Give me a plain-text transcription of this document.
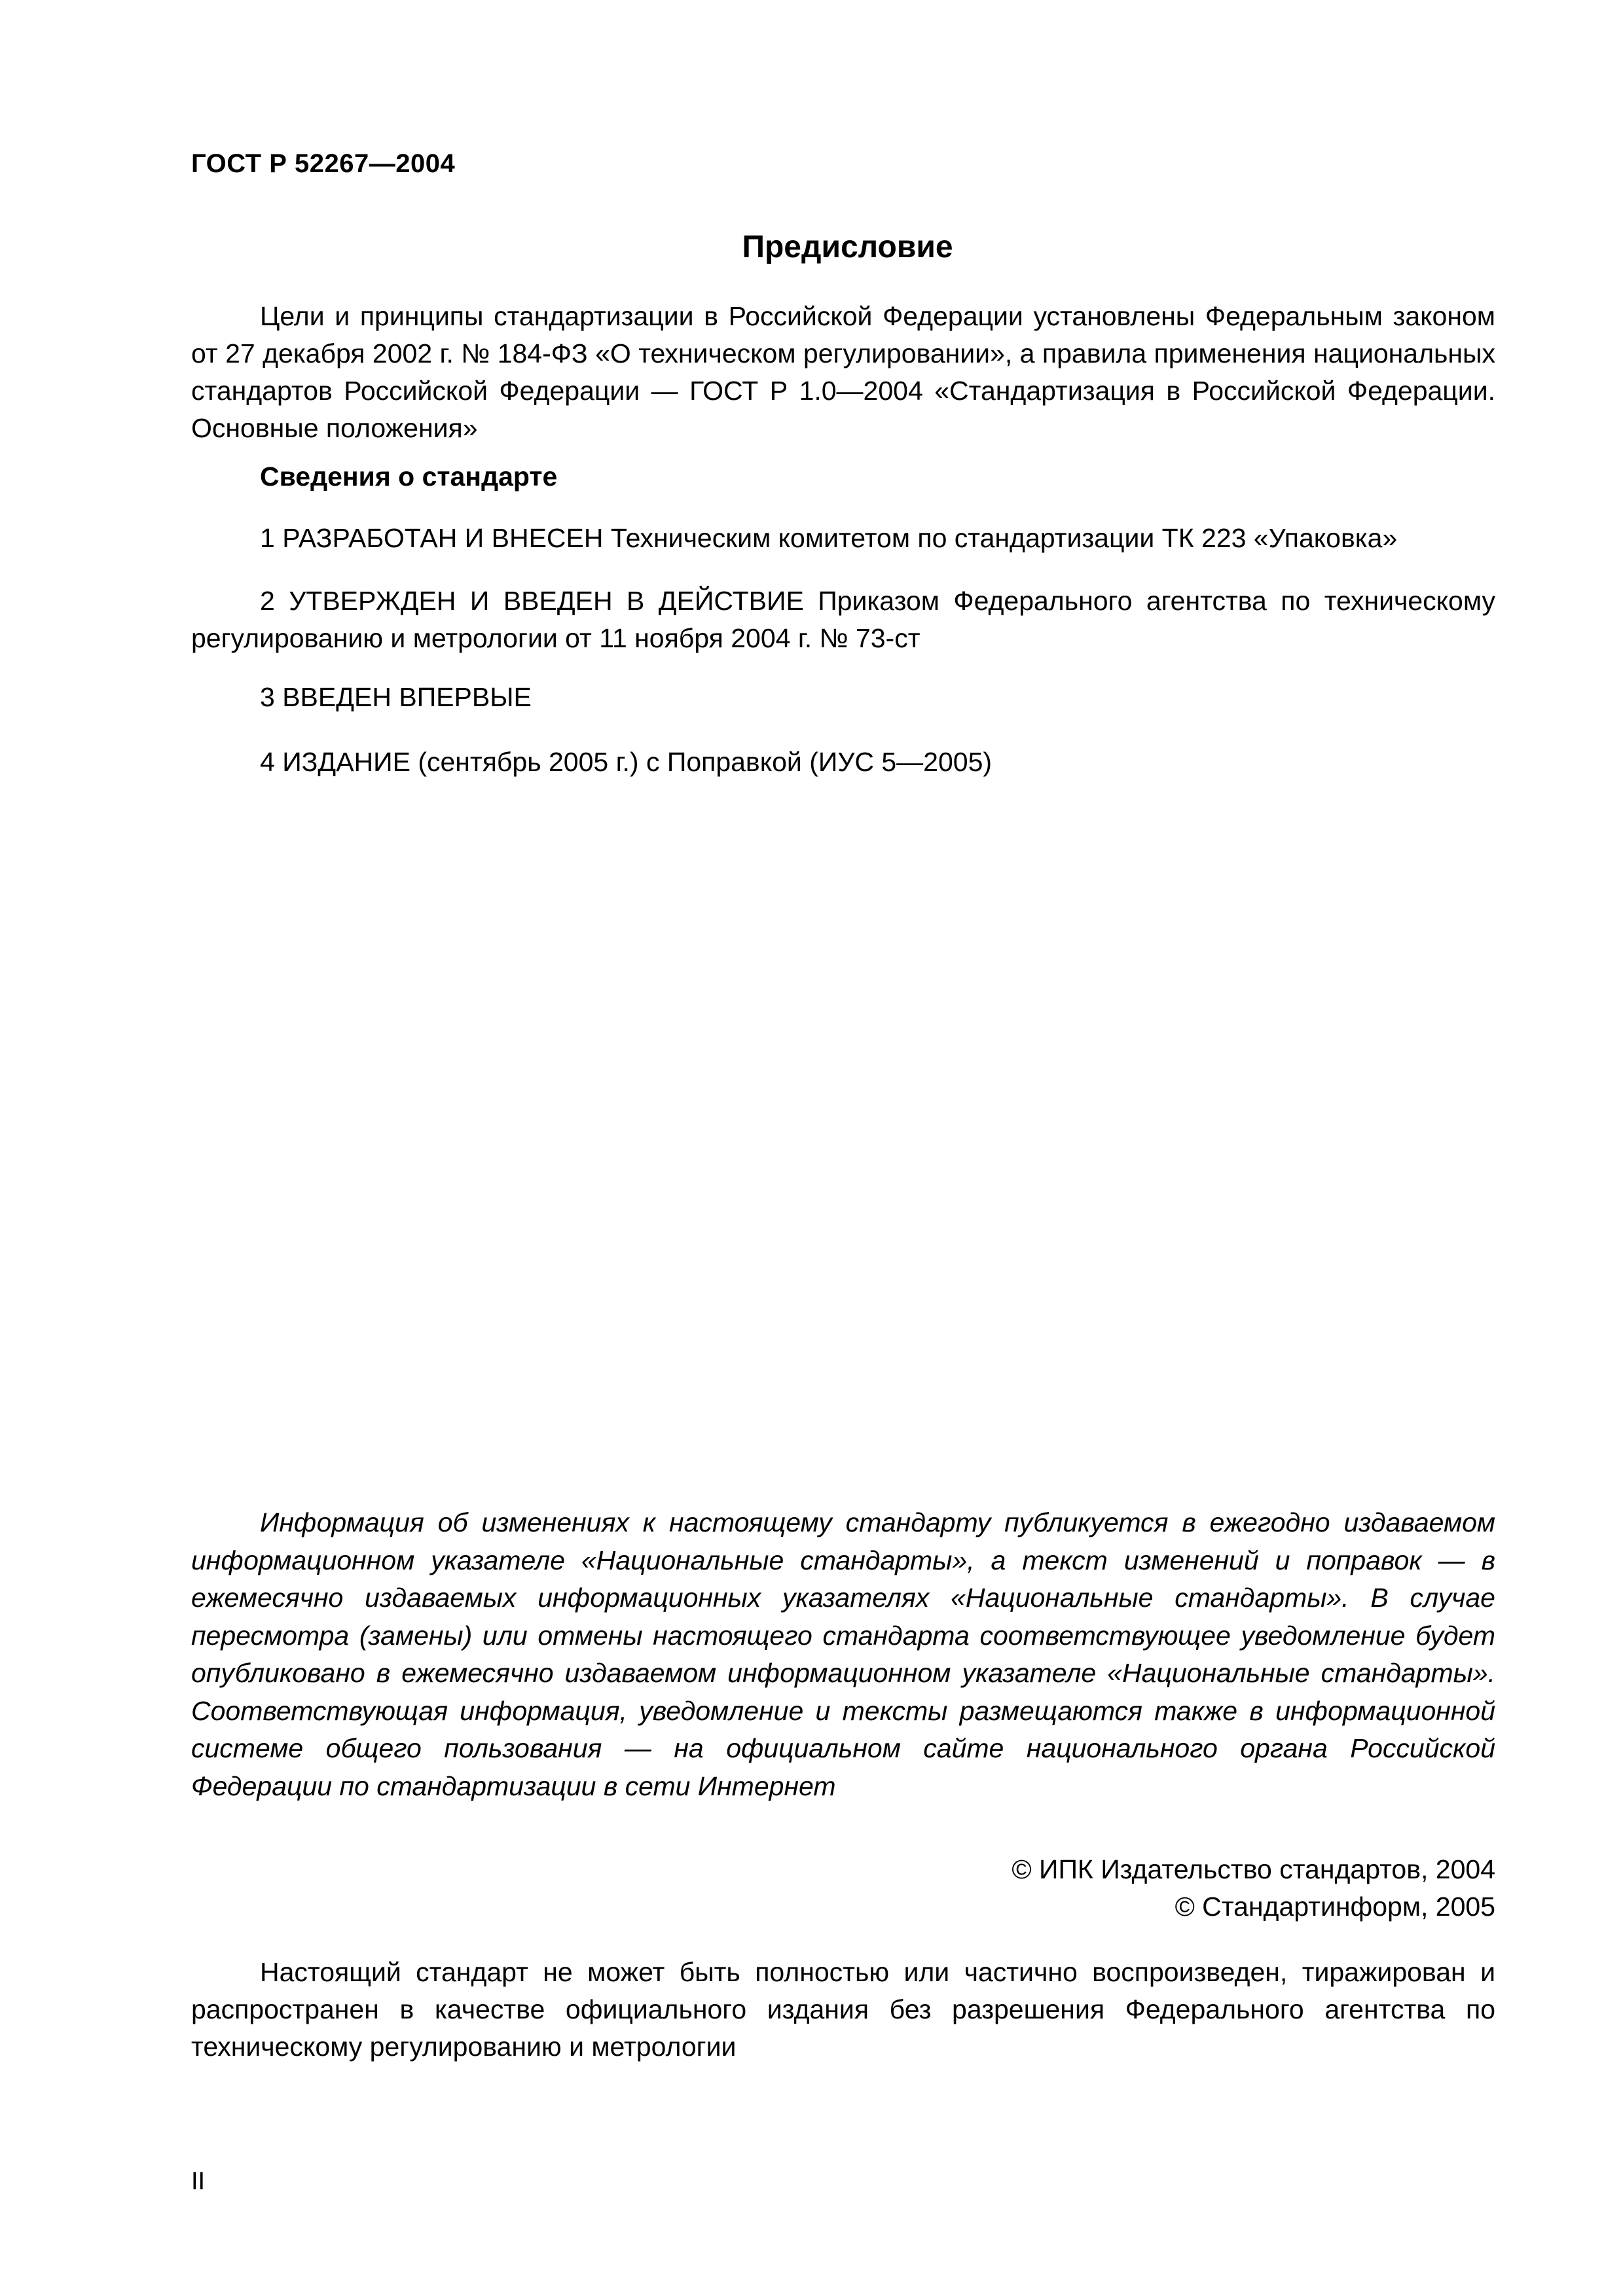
ГОСТ Р 52267—2004
Предисловие
Цели и принципы стандартизации в Российской Федерации установлены Федеральным законом от 27 декабря 2002 г. № 184-ФЗ «О техническом регулировании», а правила применения национальных стандартов Российской Федерации — ГОСТ Р 1.0—2004 «Стандартизация в Российской Федерации. Основные положения»
Сведения о стандарте
1 РАЗРАБОТАН И ВНЕСЕН Техническим комитетом по стандартизации ТК 223 «Упаковка»
2 УТВЕРЖДЕН И ВВЕДЕН В ДЕЙСТВИЕ Приказом Федерального агентства по техническому регулированию и метрологии от 11 ноября 2004 г. № 73-ст
3 ВВЕДЕН ВПЕРВЫЕ
4 ИЗДАНИЕ (сентябрь 2005 г.) с Поправкой (ИУС 5—2005)
Информация об изменениях к настоящему стандарту публикуется в ежегодно издаваемом информационном указателе «Национальные стандарты», а текст изменений и поправок — в ежемесячно издаваемых информационных указателях «Национальные стандарты». В случае пересмотра (замены) или отмены настоящего стандарта соответствующее уведомление будет опубликовано в ежемесячно издаваемом информационном указателе «Национальные стандарты». Соответствующая информация, уведомление и тексты размещаются также в информационной системе общего пользования — на официальном сайте национального органа Российской Федерации по стандартизации в сети Интернет
© ИПК Издательство стандартов, 2004
© Стандартинформ, 2005
Настоящий стандарт не может быть полностью или частично воспроизведен, тиражирован и распространен в качестве официального издания без разрешения Федерального агентства по техническому регулированию и метрологии
II
